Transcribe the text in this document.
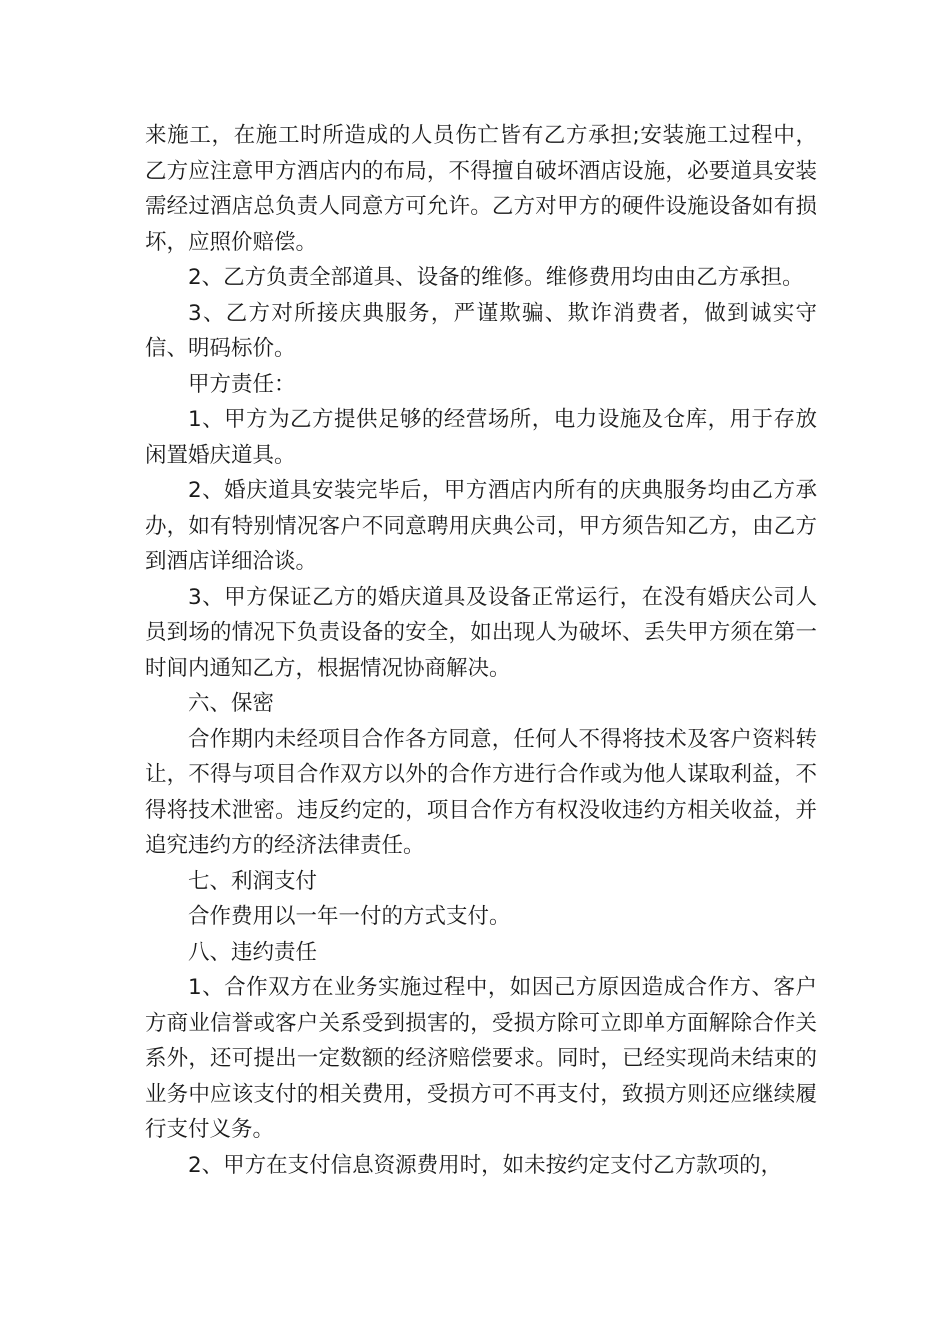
来施工，在施工时所造成的人员伤亡皆有乙方承担;安装施工过程中，乙方应注意甲方酒店内的布局，不得擅自破坏酒店设施，必要道具安装需经过酒店总负责人同意方可允许。乙方对甲方的硬件设施设备如有损坏，应照价赔偿。

2、乙方负责全部道具、设备的维修。维修费用均由由乙方承担。

3、乙方对所接庆典服务，严谨欺骗、欺诈消费者，做到诚实守信、明码标价。

甲方责任：

1、甲方为乙方提供足够的经营场所，电力设施及仓库，用于存放闲置婚庆道具。

2、婚庆道具安装完毕后，甲方酒店内所有的庆典服务均由乙方承办，如有特别情况客户不同意聘用庆典公司，甲方须告知乙方，由乙方到酒店详细洽谈。

3、甲方保证乙方的婚庆道具及设备正常运行，在没有婚庆公司人员到场的情况下负责设备的安全，如出现人为破坏、丢失甲方须在第一时间内通知乙方，根据情况协商解决。

六、保密

合作期内未经项目合作各方同意，任何人不得将技术及客户资料转让，不得与项目合作双方以外的合作方进行合作或为他人谋取利益，不得将技术泄密。违反约定的，项目合作方有权没收违约方相关收益，并追究违约方的经济法律责任。

七、利润支付

合作费用以一年一付的方式支付。

八、违约责任

1、合作双方在业务实施过程中，如因己方原因造成合作方、客户方商业信誉或客户关系受到损害的，受损方除可立即单方面解除合作关系外，还可提出一定数额的经济赔偿要求。同时，已经实现尚未结束的业务中应该支付的相关费用，受损方可不再支付，致损方则还应继续履行支付义务。

2、甲方在支付信息资源费用时，如未按约定支付乙方款项的，
